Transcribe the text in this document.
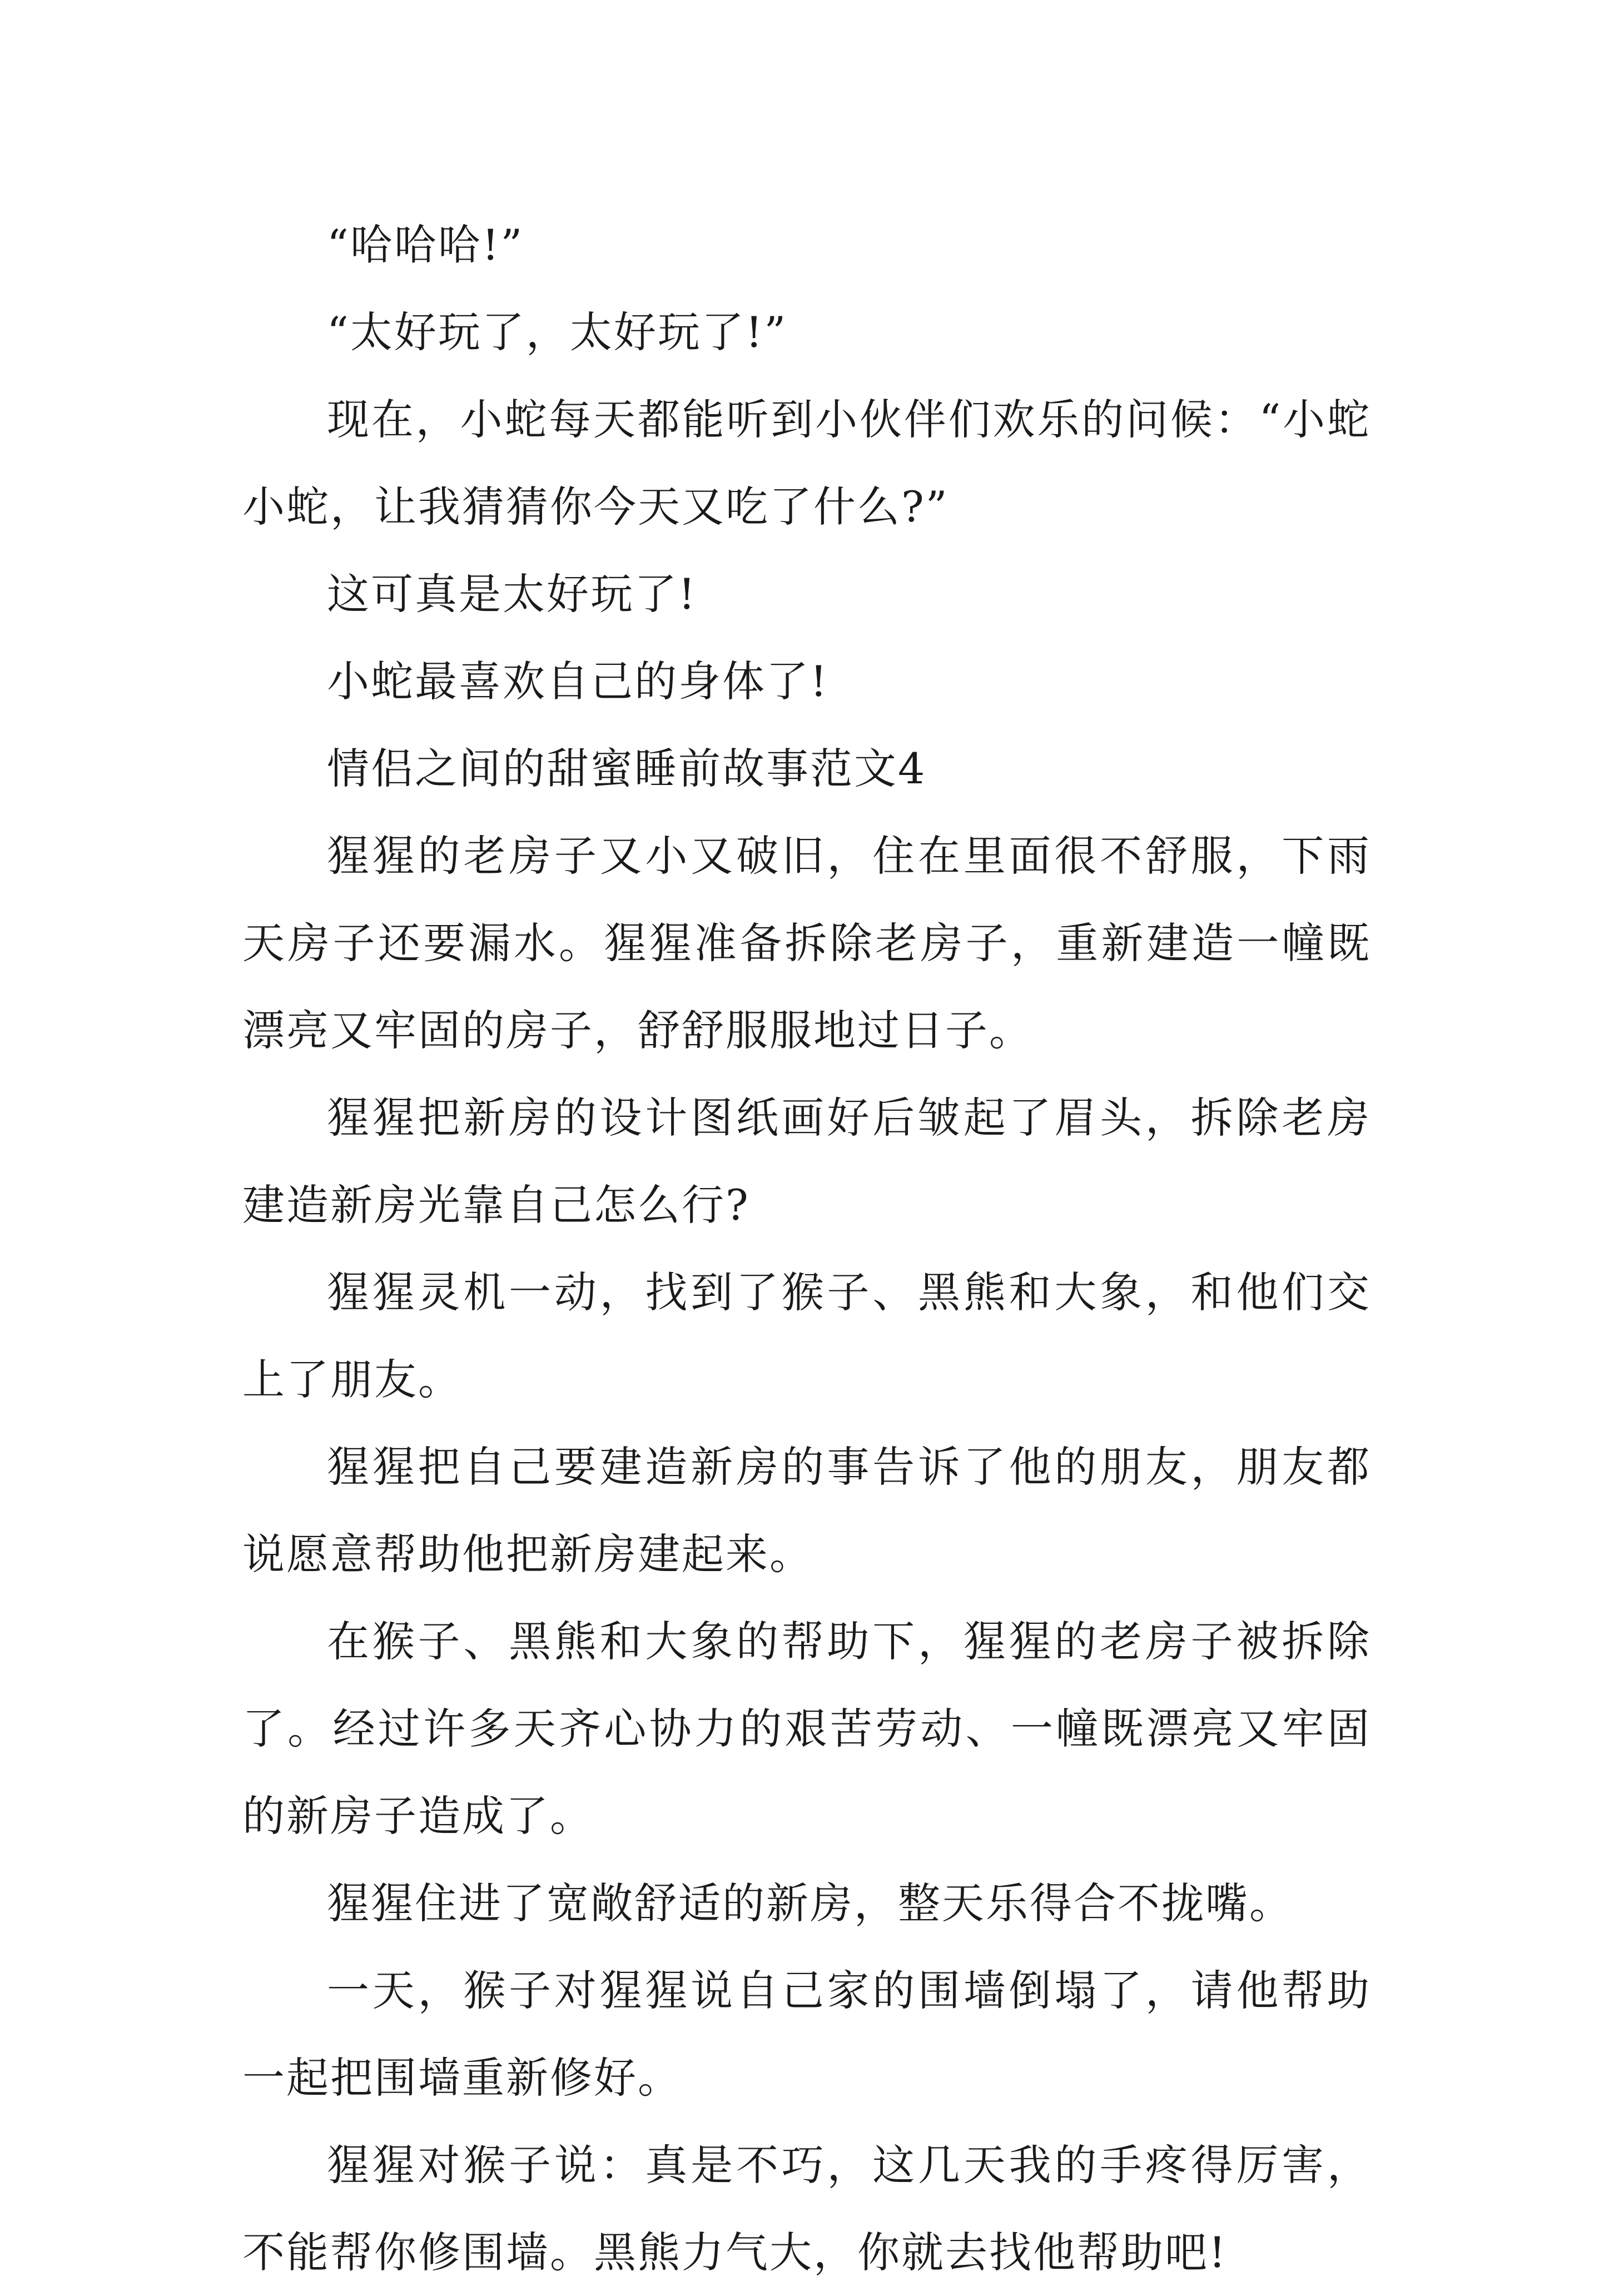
“哈哈哈!”

“太好玩了，太好玩了!”

现在，小蛇每天都能听到小伙伴们欢乐的问候：“小蛇小蛇，让我猜猜你今天又吃了什么?”

这可真是太好玩了!

小蛇最喜欢自己的身体了!

情侣之间的甜蜜睡前故事范文4

猩猩的老房子又小又破旧，住在里面很不舒服，下雨天房子还要漏水。猩猩准备拆除老房子，重新建造一幢既漂亮又牢固的房子，舒舒服服地过日子。

猩猩把新房的设计图纸画好后皱起了眉头，拆除老房建造新房光靠自己怎么行?

猩猩灵机一动，找到了猴子、黑熊和大象，和他们交上了朋友。

猩猩把自己要建造新房的事告诉了他的朋友，朋友都说愿意帮助他把新房建起来。

在猴子、黑熊和大象的帮助下，猩猩的老房子被拆除了。经过许多天齐心协力的艰苦劳动、一幢既漂亮又牢固的新房子造成了。

猩猩住进了宽敞舒适的新房，整天乐得合不拢嘴。

一天，猴子对猩猩说自己家的围墙倒塌了，请他帮助一起把围墙重新修好。

猩猩对猴子说：真是不巧，这几天我的手疼得厉害，不能帮你修围墙。黑熊力气大，你就去找他帮助吧!
